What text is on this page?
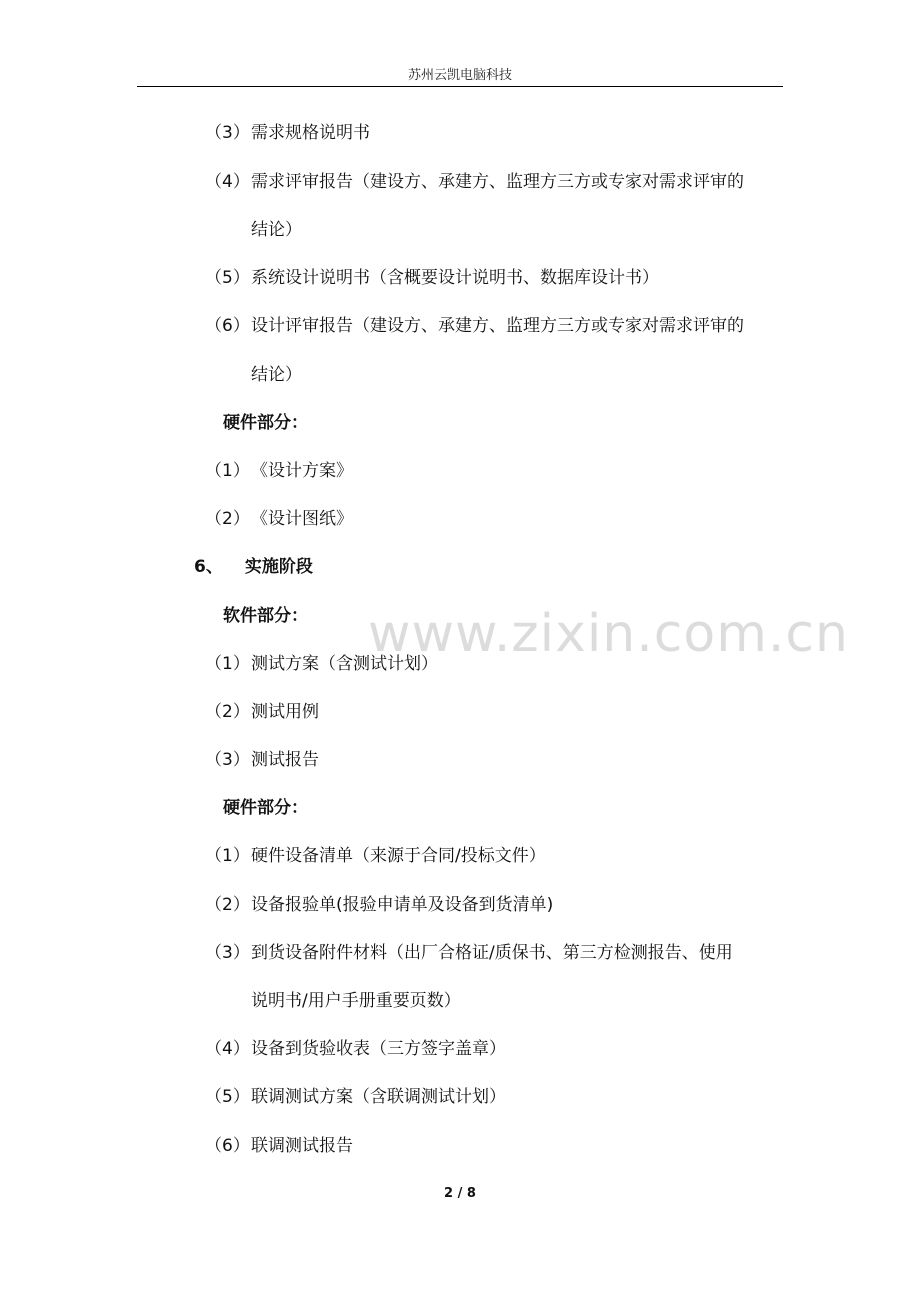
苏州云凯电脑科技
www.zixin.com.cn
（3） 需求规格说明书
（4） 需求评审报告（建设方、承建方、监理方三方或专家对需求评审的
结论）
（5） 系统设计说明书（含概要设计说明书、数据库设计书）
（6） 设计评审报告（建设方、承建方、监理方三方或专家对需求评审的
结论）
硬件部分：
（1） 《设计方案》
（2） 《设计图纸》
6、 实施阶段
软件部分：
（1） 测试方案（含测试计划）
（2） 测试用例
（3） 测试报告
硬件部分：
（1） 硬件设备清单（来源于合同/投标文件）
（2） 设备报验单(报验申请单及设备到货清单)
（3） 到货设备附件材料（出厂合格证/质保书、第三方检测报告、使用
说明书/用户手册重要页数）
（4） 设备到货验收表（三方签字盖章）
（5） 联调测试方案（含联调测试计划）
（6） 联调测试报告
2 / 8
